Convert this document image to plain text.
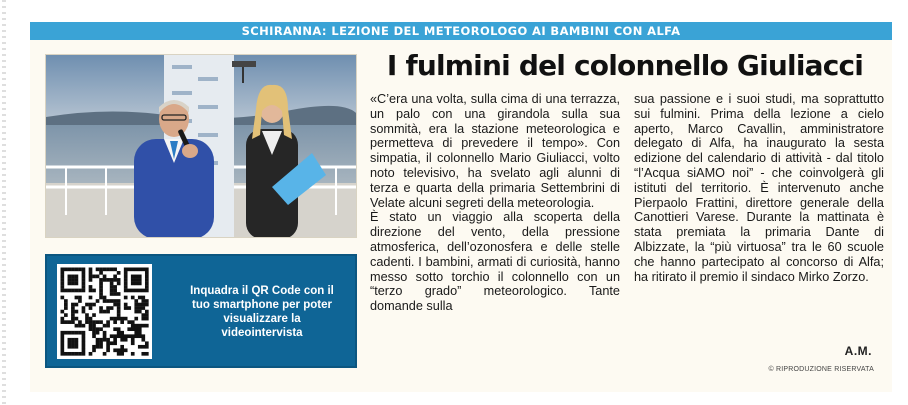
SCHIRANNA: LEZIONE DEL METEOROLOGO AI BAMBINI CON ALFA
Inquadra il QR Code con il tuo smartphone per poter visualizzare la videointervista
I fulmini del colonnello Giuliacci

«C’era una volta, sulla cima di una terrazza, un palo con una girandola sulla sua sommità, era la stazione meteorologica e permetteva di prevedere il tempo». Con simpatia, il colonnello Mario Giuliacci, volto noto televisivo, ha svelato agli alunni di terza e quarta della primaria Settembrini di Velate alcuni segreti della meteorologia.

È stato un viaggio alla scoperta della direzione del vento, della pressione atmosferica, dell’ozonosfera e delle stelle cadenti. I bambini, armati di curiosità, hanno messo sotto torchio il colonnello con un “terzo grado” meteorologico. Tante domande sulla

sua passione e i suoi studi, ma soprattutto sui fulmini. Prima della lezione a cielo aperto, Marco Cavallin, amministratore delegato di Alfa, ha inaugurato la sesta edizione del calendario di attività - dal titolo “l’Acqua siAMO noi” - che coinvolgerà gli istituti del territorio. È intervenuto anche Pierpaolo Frattini, direttore generale della Canottieri Varese. Durante la mattinata è stata premiata la primaria Dante di Albizzate, la “più virtuosa” tra le 60 scuole che hanno partecipato al concorso di Alfa; ha ritirato il premio il sindaco Mirko Zorzo.

A.M.
© RIPRODUZIONE RISERVATA
